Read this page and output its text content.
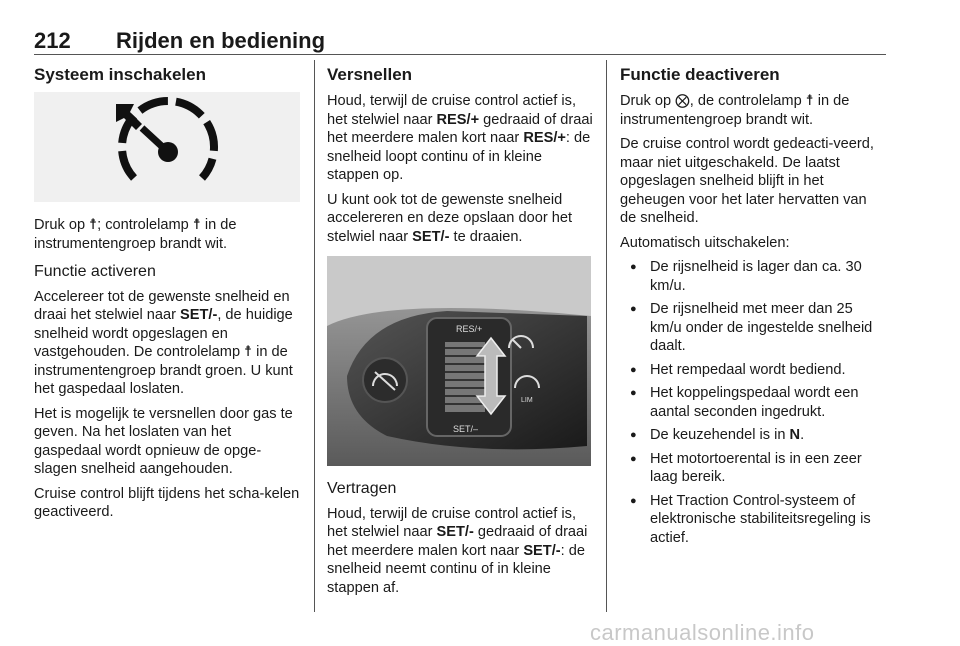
212 Rijden en bediening
Systeem inschakelen

Druk op ☨; controlelamp ☨ in de instrumentengroep brandt wit.

Functie activeren

Accelereer tot de gewenste snelheid en draai het stelwiel naar SET/-, de huidige snelheid wordt opgeslagen en vastgehouden. De controlelamp ☨ in de instrumentengroep brandt groen. U kunt het gaspedaal loslaten.

Het is mogelijk te versnellen door gas te geven. Na het loslaten van het gaspedaal wordt opnieuw de opge-slagen snelheid aangehouden.

Cruise control blijft tijdens het scha-kelen geactiveerd.

Versnellen

Houd, terwijl de cruise control actief is, het stelwiel naar RES/+ gedraaid of draai het meerdere malen kort naar RES/+: de snelheid loopt continu of in kleine stappen op.

U kunt ook tot de gewenste snelheid accelereren en deze opslaan door het stelwiel naar SET/- te draaien.

RES/+
SET/–
LIM
Vertragen

Houd, terwijl de cruise control actief is, het stelwiel naar SET/- gedraaid of draai het meerdere malen kort naar SET/-: de snelheid neemt continu of in kleine stappen af.

Functie deactiveren

Druk op ⨂, de controlelamp ☨ in de instrumentengroep brandt wit.

De cruise control wordt gedeacti-veerd, maar niet uitgeschakeld. De laatst opgeslagen snelheid blijft in het geheugen voor het later hervatten van de snelheid.

Automatisch uitschakelen:

● De rijsnelheid is lager dan ca. 30 km/u.
● De rijsnelheid met meer dan 25 km/u onder de ingestelde snelheid daalt.
● Het rempedaal wordt bediend.
● Het koppelingspedaal wordt een aantal seconden ingedrukt.
● De keuzehendel is in N.
● Het motortoerental is in een zeer laag bereik.
● Het Traction Control-systeem of elektronische stabiliteitsregeling is actief.
carmanualsonline.info
